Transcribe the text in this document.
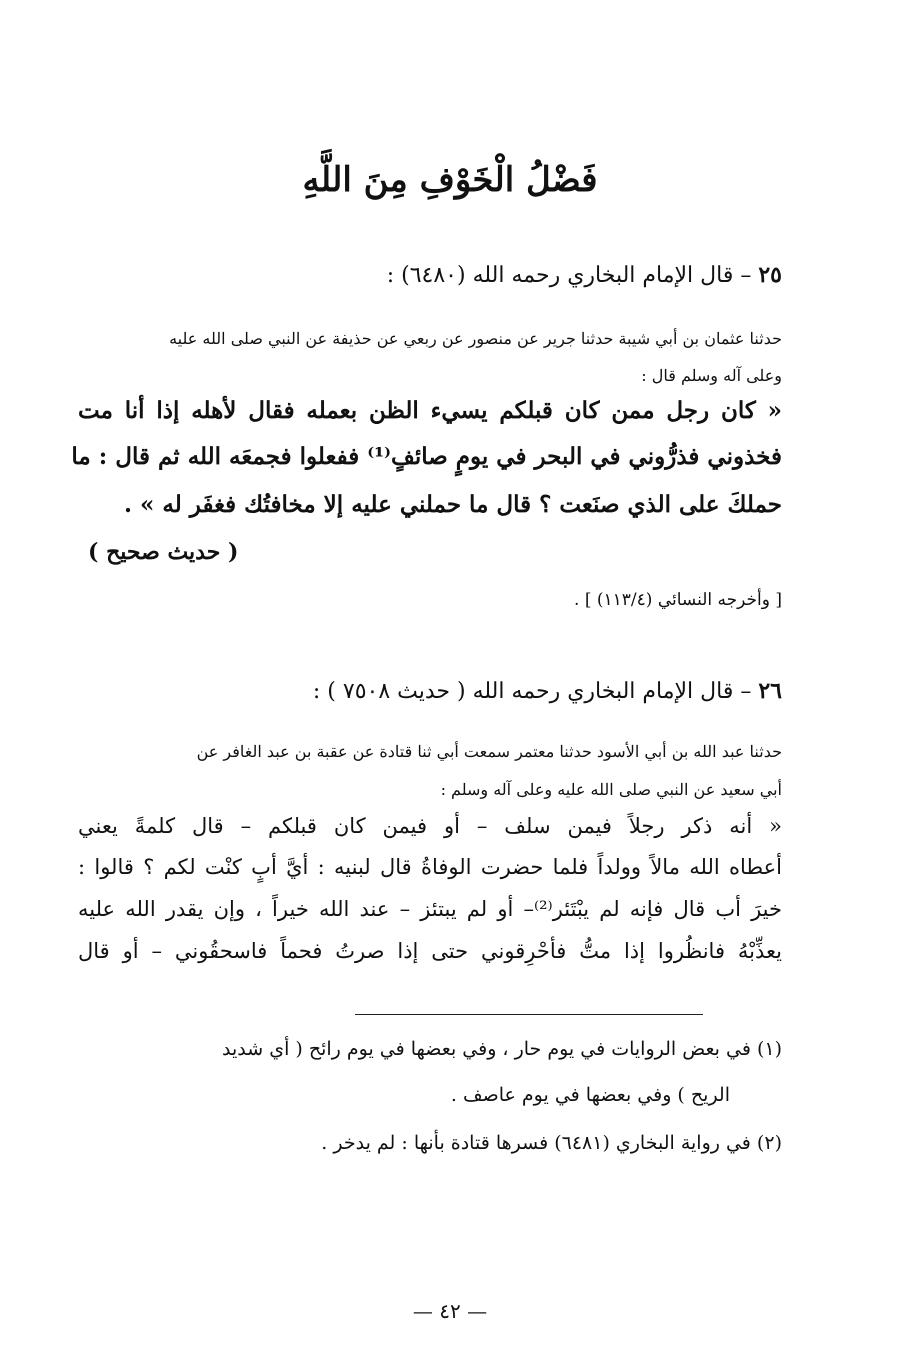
فَضْلُ الْخَوْفِ مِنَ اللَّهِ
٢٥ – قال الإمام البخاري رحمه الله (٦٤٨٠) :
حدثنا عثمان بن أبي شيبة حدثنا جرير عن منصور عن ربعي عن حذيفة عن النبي صلى الله عليه
وعلى آله وسلم قال :
« كان رجل ممن كان قبلكم يسيء الظن بعمله فقال لأهله إذا أنا مت
فخذوني فذرُّوني في البحر في يومٍ صائفٍ⁽¹⁾ ففعلوا فجمعَه الله ثم قال : ما
حملكَ على الذي صنَعت ؟ قال ما حملني عليه إلا مخافتُك فغفَر له » .
( حديث صحيح )
[ وأخرجه النسائي (١١٣/٤) ] .
٢٦ – قال الإمام البخاري رحمه الله ( حديث ٧٥٠٨ ) :
حدثنا عبد الله بن أبي الأسود حدثنا معتمر سمعت أبي ثنا قتادة عن عقبة بن عبد الغافر عن
أبي سعيد عن النبي صلى الله عليه وعلى آله وسلم :
« أنه ذكر رجلاً فيمن سلف – أو فيمن كان قبلكم – قال كلمةً يعني
أعطاه الله مالاً وولداً فلما حضرت الوفاةُ قال لبنيه : أيَّ أبٍ كنْت لكم ؟ قالوا :
خيرَ أب قال فإنه لم يبْتَئر⁽²⁾– أو لم يبتئز – عند الله خيراً ، وإن يقدر الله عليه
يعذِّبْهُ فانظُروا إذا متُّ فأحْرِقوني حتى إذا صرتُ فحماً فاسحقُوني – أو قال
(١) في بعض الروايات في يوم حار ، وفي بعضها في يوم رائح ( أي شديد
الريح ) وفي بعضها في يوم عاصف .
(٢) في رواية البخاري (٦٤٨١) فسرها قتادة بأنها : لم يدخر .
— ٤٢ —
